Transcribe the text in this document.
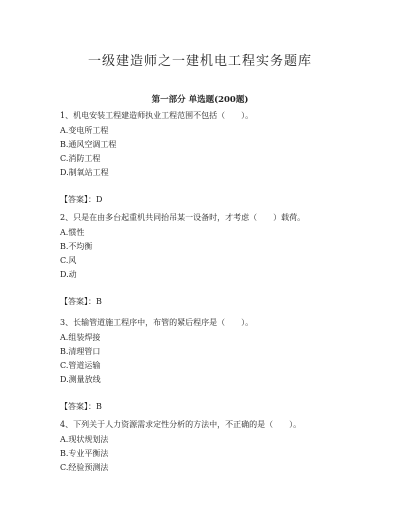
一级建造师之一建机电工程实务题库
第一部分 单选题(200题)
1、机电安装工程建造师执业工程范围不包括（　　）。
A.变电所工程
B.通风空调工程
C.消防工程
D.制氧站工程
【答案】：D
2、只是在由多台起重机共同抬吊某一设备时，才考虑（　　）载荷。
A.惯性
B.不均衡
C.风
D.动
【答案】：B
3、长输管道施工程序中，布管的紧后程序是（　　）。
A.组装焊接
B.清理管口
C.管道运输
D.测量放线
【答案】：B
4、下列关于人力资源需求定性分析的方法中，不正确的是（　　）。
A.现状规划法
B.专业平衡法
C.经验预测法
